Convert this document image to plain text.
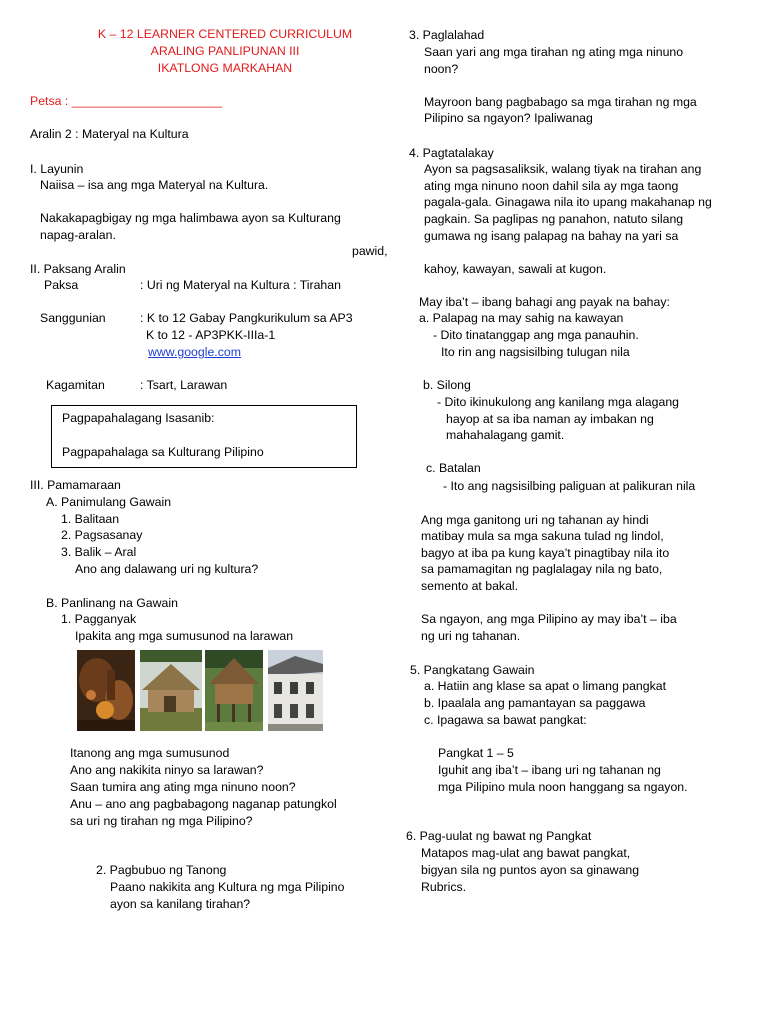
K – 12 LEARNER CENTERED CURRICULUM
ARALING PANLIPUNAN III
IKATLONG MARKAHAN
Petsa : ______________________
Aralin 2 : Materyal na Kultura
I. Layunin
Naiisa – isa ang mga Materyal na Kultura.
Nakakapagbigay ng mga halimbawa ayon sa Kulturang
napag-aralan.
II. Paksang Aralin
Paksa	: Uri ng Materyal na Kultura : Tirahan
Sanggunian	: K to 12 Gabay Pangkurikulum sa AP3
K to 12 - AP3PKK-IIIa-1
www.google.com
Kagamitan	: Tsart, Larawan
Pagpapahalagang Isasanib:
Pagpapahalaga sa Kulturang Pilipino
III. Pamamaraan
A. Panimulang Gawain
1. Balitaan
2. Pagsasanay
3. Balik – Aral
Ano ang dalawang uri ng kultura?
B. Panlinang na Gawain
1. Pagganyak
Ipakita ang mga sumusunod na larawan
Itanong ang mga sumusunod
Ano ang nakikita ninyo sa larawan?
Saan tumira ang ating mga ninuno noon?
Anu – ano ang pagbabagong naganap patungkol
sa uri ng tirahan ng mga Pilipino?
2. Pagbubuo ng Tanong
Paano nakikita ang Kultura ng mga Pilipino
ayon sa kanilang tirahan?
3. Paglalahad
Saan yari ang mga tirahan ng ating mga ninuno
noon?
Mayroon bang pagbabago sa mga tirahan ng mga
Pilipino sa ngayon? Ipaliwanag
4. Pagtatalakay
Ayon sa pagsasaliksik, walang tiyak na tirahan ang
ating mga ninuno noon dahil sila ay mga taong
pagala-gala. Ginagawa nila ito upang makahanap ng
pagkain. Sa paglipas ng panahon, natuto silang
gumawa ng isang palapag na bahay na yari sa
pawid,
kahoy, kawayan, sawali at kugon.
May iba’t – ibang bahagi ang payak na bahay:
a. Palapag na may sahig na kawayan
- Dito tinatanggap ang mga panauhin.
Ito rin ang nagsisilbing tulugan nila
b. Silong
- Dito ikinukulong ang kanilang mga alagang
hayop at sa iba naman ay imbakan ng
mahahalagang gamit.
c. Batalan
- Ito ang nagsisilbing paliguan at palikuran nila
Ang mga ganitong uri ng tahanan ay hindi
matibay mula sa mga sakuna tulad ng lindol,
bagyo at iba pa kung kaya’t pinagtibay nila ito
sa pamamagitan ng paglalagay nila ng bato,
semento at bakal.
Sa ngayon, ang mga Pilipino ay may iba’t – iba
ng uri ng tahanan.
5. Pangkatang Gawain
a. Hatiin ang klase sa apat o limang pangkat
b. Ipaalala ang pamantayan sa paggawa
c. Ipagawa sa bawat pangkat:
Pangkat 1 – 5
Iguhit ang iba’t – ibang uri ng tahanan ng
mga Pilipino mula noon hanggang sa ngayon.
6. Pag-uulat ng bawat ng Pangkat
Matapos mag-ulat ang bawat pangkat,
bigyan sila ng puntos ayon sa ginawang
Rubrics.
